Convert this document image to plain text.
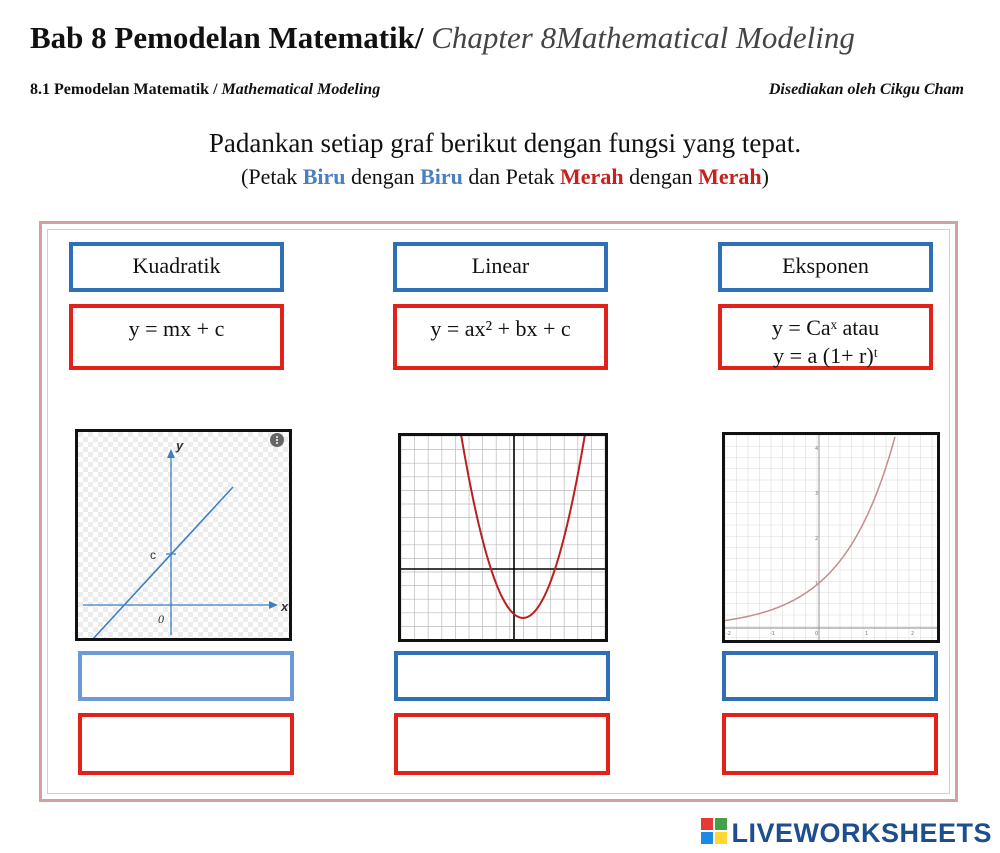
Bab 8 Pemodelan Matematik/ Chapter 8Mathematical Modeling
8.1 Pemodelan Matematik / Mathematical Modeling	Disediakan oleh Cikgu Cham
Padankan setiap graf berikut dengan fungsi yang tepat.
(Petak Biru dengan Biru dan Petak Merah dengan Merah)
Kuadratik
y = mx + c
Linear
y = ax² + bx + c
Eksponen
y = Caˣ atau
y = a (1+ r)ᵗ
y
x
c
0
-2	-1	0	1	2
1
2
3
4
LIVEWORKSHEETS
